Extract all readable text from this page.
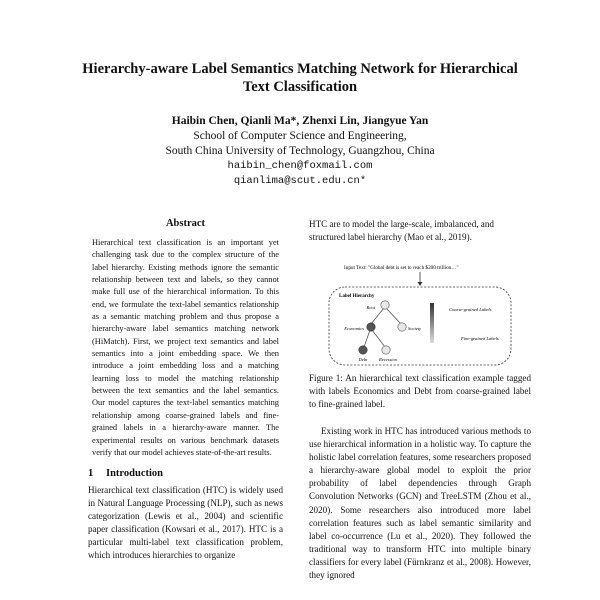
Hierarchy-aware Label Semantics Matching Network for Hierarchical
Text Classification
Haibin Chen, Qianli Ma*, Zhenxi Lin, Jiangyue Yan
School of Computer Science and Engineering,
South China University of Technology, Guangzhou, China
haibin_chen@foxmail.com
qianlima@scut.edu.cn*
Abstract

Hierarchical text classification is an important yet challenging task due to the complex structure of the label hierarchy. Existing methods ignore the semantic relationship between text and labels, so they cannot make full use of the hierarchical information. To this end, we formulate the text-label semantics relationship as a semantic matching problem and thus propose a hierarchy-aware label semantics matching network (HiMatch). First, we project text semantics and label semantics into a joint embedding space. We then introduce a joint embedding loss and a matching learning loss to model the matching relationship between the text semantics and the label semantics. Our model captures the text-label semantics matching relationship among coarse-grained labels and fine-grained labels in a hierarchy-aware manner. The experimental results on various benchmark datasets verify that our model achieves state-of-the-art results.

1 Introduction

Hierarchical text classification (HTC) is widely used in Natural Language Processing (NLP), such as news categorization (Lewis et al., 2004) and scientific paper classification (Kowsari et al., 2017). HTC is a particular multi-label text classification problem, which introduces hierarchies to organize

HTC are to model the large-scale, imbalanced, and structured label hierarchy (Mao et al., 2019).
Input Text: "Global debt is set to reach $200 trillion…"
Label Hierarchy
Root
Economics	Society
Debt	Recession
Coarse-grained Labels
Fine-grained Labels
Figure 1: An hierarchical text classification example tagged with labels Economics and Debt from coarse-grained label to fine-grained label.
Existing work in HTC has introduced various methods to use hierarchical information in a holistic way. To capture the holistic label correlation features, some researchers proposed a hierarchy-aware global model to exploit the prior probability of label dependencies through Graph Convolution Networks (GCN) and TreeLSTM (Zhou et al., 2020). Some researchers also introduced more label correlation features such as label semantic similarity and label co-occurrence (Lu et al., 2020). They followed the traditional way to transform HTC into multiple binary classifiers for every label (Fürnkranz et al., 2008). However, they ignored
